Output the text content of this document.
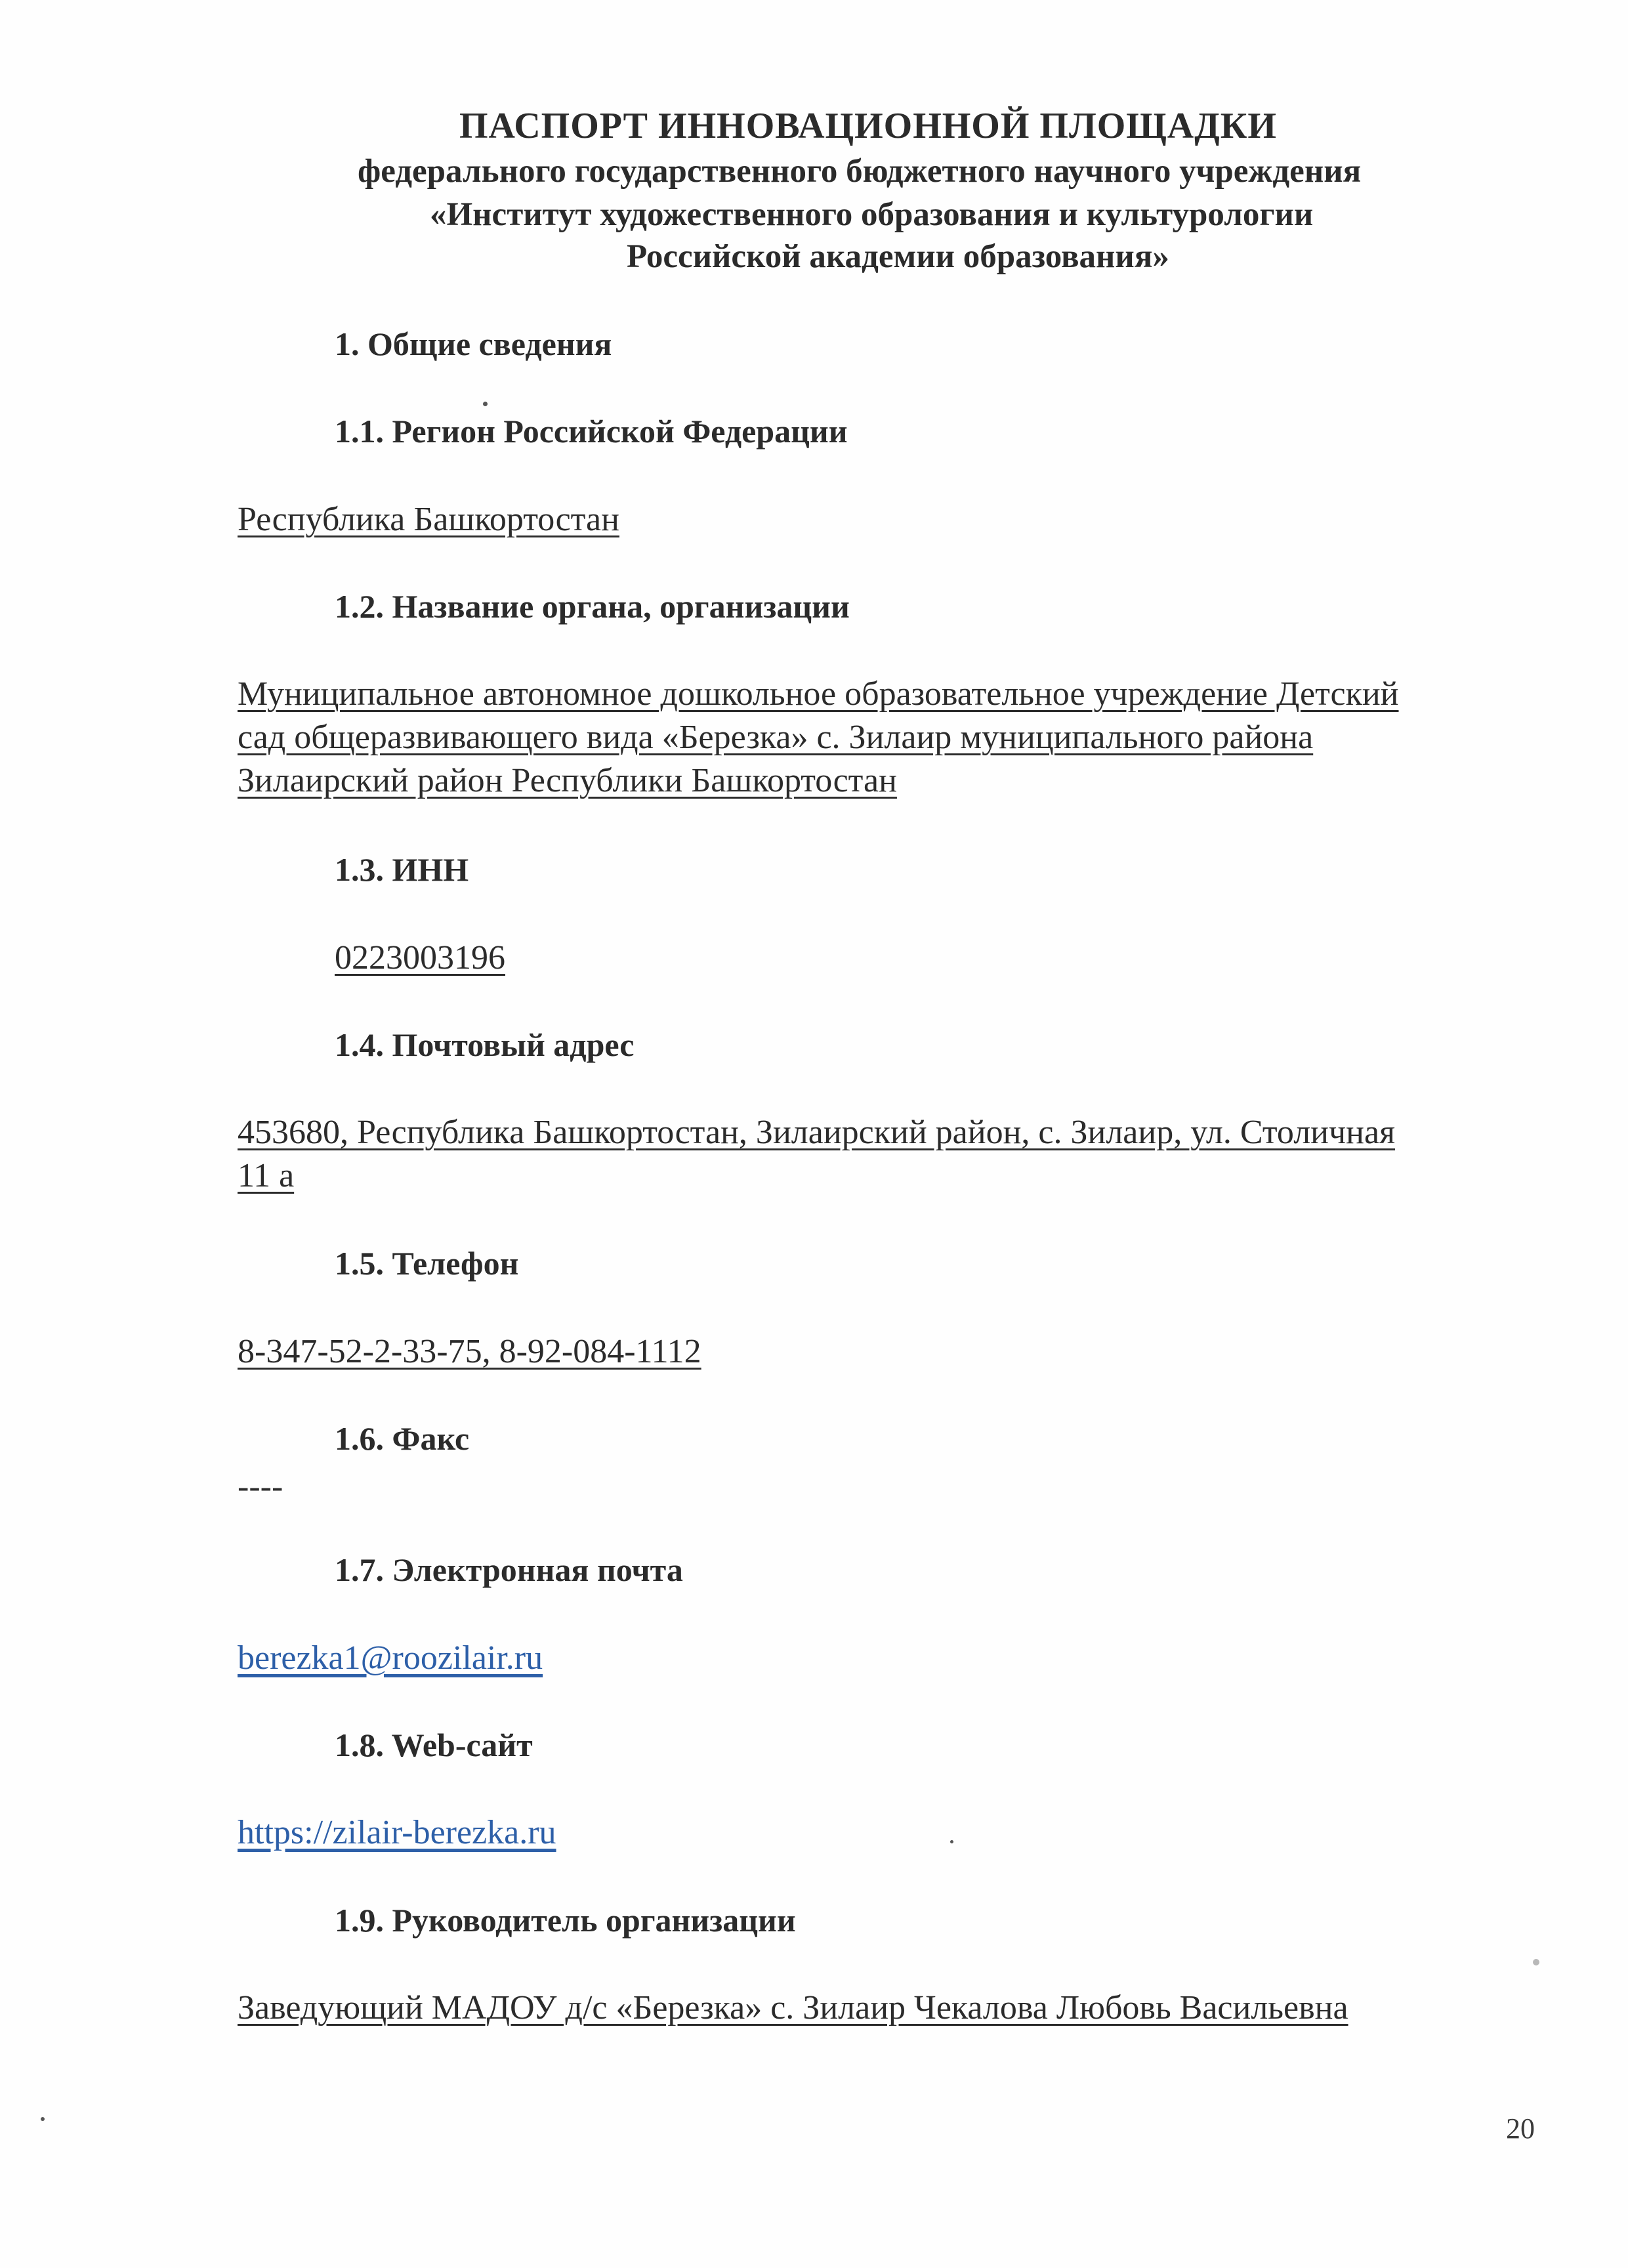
ПАСПОРТ ИННОВАЦИОННОЙ ПЛОЩАДКИ
федерального государственного бюджетного научного учреждения
«Институт художественного образования и культурологии
Российской академии образования»
1. Общие сведения
1.1. Регион Российской Федерации
Республика Башкортостан
1.2. Название органа, организации
Муниципальное автономное дошкольное образовательное учреждение Детский
сад общеразвивающего вида «Березка» с. Зилаир муниципального района
Зилаирский район Республики Башкортостан
1.3. ИНН
0223003196
1.4. Почтовый адрес
453680, Республика Башкортостан, Зилаирский район, с. Зилаир, ул. Столичная
11 а
1.5. Телефон
8-347-52-2-33-75, 8-92-084-1112
1.6. Факс
----
1.7. Электронная почта
berezka1@roozilair.ru
1.8. Web-сайт
https://zilair-berezka.ru
1.9. Руководитель организации
Заведующий МАДОУ д/с «Березка» с. Зилаир Чекалова Любовь Васильевна
20
